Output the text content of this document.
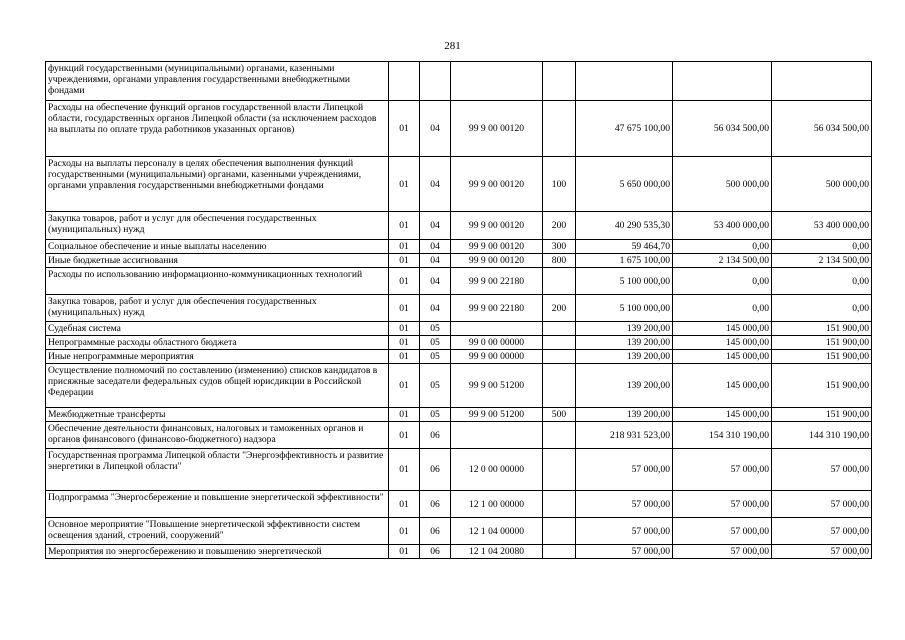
281
функций государственными (муниципальными) органами, казенными учреждениями, органами управления государственными внебюджетными фондами							
Расходы на обеспечение функций органов государственной власти Липецкой области, государственных органов Липецкой области (за исключением расходов на выплаты по оплате труда работников указанных органов)	01	04	99 9 00 00120		47 675 100,00	56 034 500,00	56 034 500,00
Расходы на выплаты персоналу в целях обеспечения выполнения функций государственными (муниципальными) органами, казенными учреждениями, органами управления государственными внебюджетными фондами	01	04	99 9 00 00120	100	5 650 000,00	500 000,00	500 000,00
Закупка товаров, работ и услуг для обеспечения государственных (муниципальных) нужд	01	04	99 9 00 00120	200	40 290 535,30	53 400 000,00	53 400 000,00
Социальное обеспечение и иные выплаты населению	01	04	99 9 00 00120	300	59 464,70	0,00	0,00
Иные бюджетные ассигнования	01	04	99 9 00 00120	800	1 675 100,00	2 134 500,00	2 134 500,00
Расходы по использованию информационно-коммуникационных технологий	01	04	99 9 00 22180		5 100 000,00	0,00	0,00
Закупка товаров, работ и услуг для обеспечения государственных (муниципальных) нужд	01	04	99 9 00 22180	200	5 100 000,00	0,00	0,00
Судебная система	01	05			139 200,00	145 000,00	151 900,00
Непрограммные расходы областного бюджета	01	05	99 0 00 00000		139 200,00	145 000,00	151 900,00
Иные непрограммные мероприятия	01	05	99 9 00 00000		139 200,00	145 000,00	151 900,00
Осуществление полномочий по составлению (изменению) списков кандидатов в присяжные заседатели федеральных судов общей юрисдикции в Российской Федерации	01	05	99 9 00 51200		139 200,00	145 000,00	151 900,00
Межбюджетные трансферты	01	05	99 9 00 51200	500	139 200,00	145 000,00	151 900,00
Обеспечение деятельности финансовых, налоговых и таможенных органов и органов финансового (финансово-бюджетного) надзора	01	06			218 931 523,00	154 310 190,00	144 310 190,00
Государственная программа Липецкой области "Энергоэффективность и развитие энергетики в Липецкой области"	01	06	12 0 00 00000		57 000,00	57 000,00	57 000,00
Подпрограмма "Энергосбережение и повышение энергетической эффективности"	01	06	12 1 00 00000		57 000,00	57 000,00	57 000,00
Основное мероприятие "Повышение энергетической эффективности систем освещения зданий, строений, сооружений"	01	06	12 1 04 00000		57 000,00	57 000,00	57 000,00
Мероприятия по энергосбережению и повышению энергетической	01	06	12 1 04 20080		57 000,00	57 000,00	57 000,00
